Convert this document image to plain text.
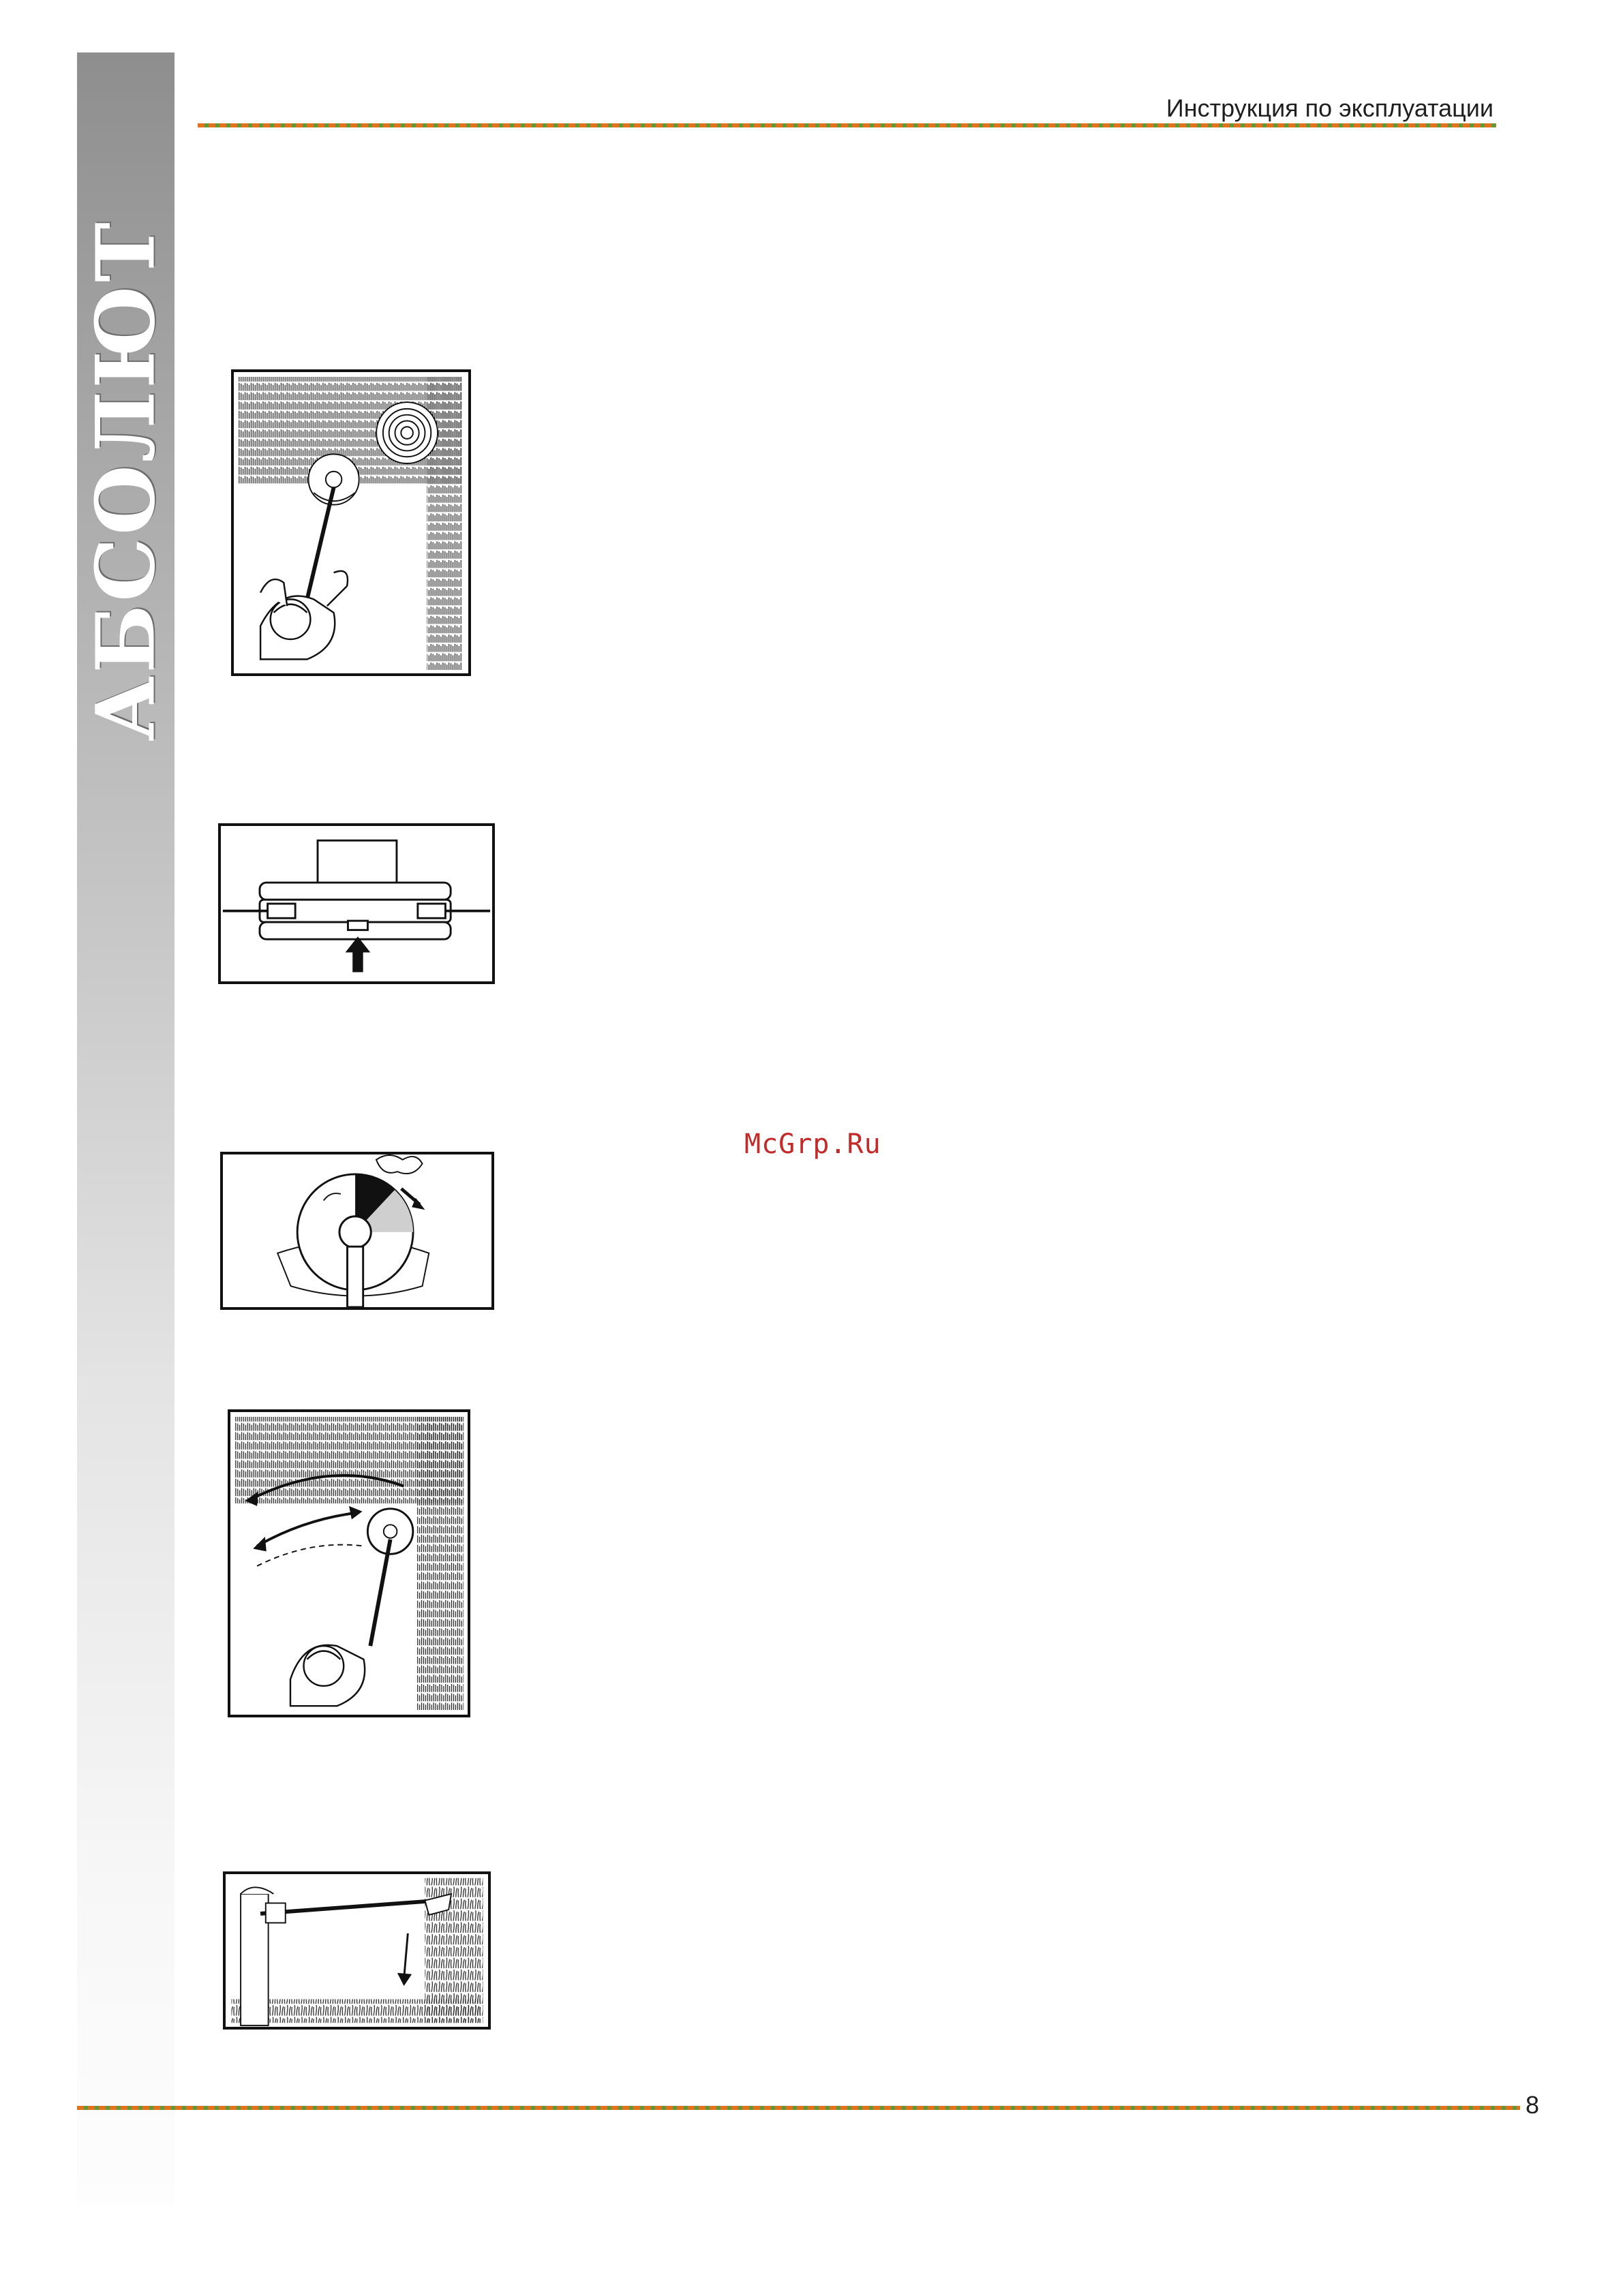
АБСОЛЮТ
Инструкция по эксплуатации
McGrp.Ru
8
